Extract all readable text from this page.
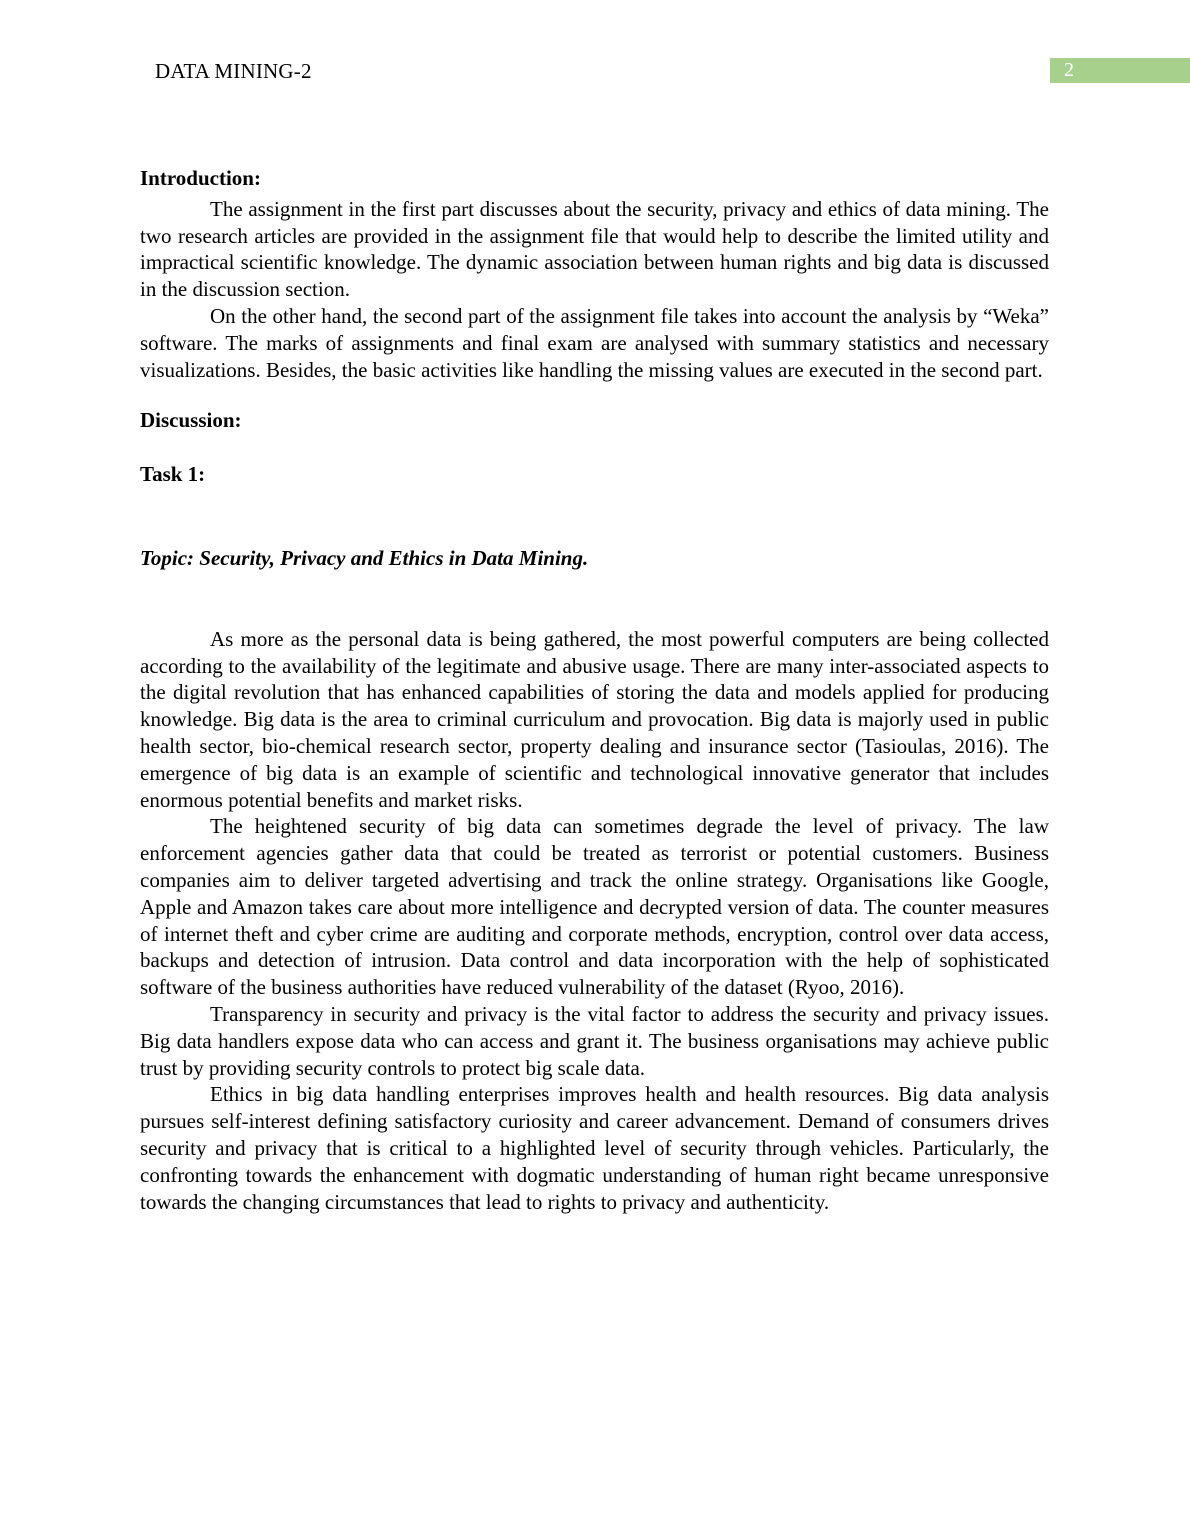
DATA MINING-2	2

Introduction:

The assignment in the first part discusses about the security, privacy and ethics of data mining. The two research articles are provided in the assignment file that would help to describe the limited utility and impractical scientific knowledge. The dynamic association between human rights and big data is discussed in the discussion section.

On the other hand, the second part of the assignment file takes into account the analysis by “Weka” software. The marks of assignments and final exam are analysed with summary statistics and necessary visualizations. Besides, the basic activities like handling the missing values are executed in the second part.

Discussion:

Task 1:

Topic: Security, Privacy and Ethics in Data Mining.

As more as the personal data is being gathered, the most powerful computers are being collected according to the availability of the legitimate and abusive usage. There are many inter-associated aspects to the digital revolution that has enhanced capabilities of storing the data and models applied for producing knowledge. Big data is the area to criminal curriculum and provocation. Big data is majorly used in public health sector, bio-chemical research sector, property dealing and insurance sector (Tasioulas, 2016). The emergence of big data is an example of scientific and technological innovative generator that includes enormous potential benefits and market risks.

The heightened security of big data can sometimes degrade the level of privacy. The law enforcement agencies gather data that could be treated as terrorist or potential customers. Business companies aim to deliver targeted advertising and track the online strategy. Organisations like Google, Apple and Amazon takes care about more intelligence and decrypted version of data. The counter measures of internet theft and cyber crime are auditing and corporate methods, encryption, control over data access, backups and detection of intrusion. Data control and data incorporation with the help of sophisticated software of the business authorities have reduced vulnerability of the dataset (Ryoo, 2016).

Transparency in security and privacy is the vital factor to address the security and privacy issues. Big data handlers expose data who can access and grant it. The business organisations may achieve public trust by providing security controls to protect big scale data.

Ethics in big data handling enterprises improves health and health resources. Big data analysis pursues self-interest defining satisfactory curiosity and career advancement. Demand of consumers drives security and privacy that is critical to a highlighted level of security through vehicles. Particularly, the confronting towards the enhancement with dogmatic understanding of human right became unresponsive towards the changing circumstances that lead to rights to privacy and authenticity.
